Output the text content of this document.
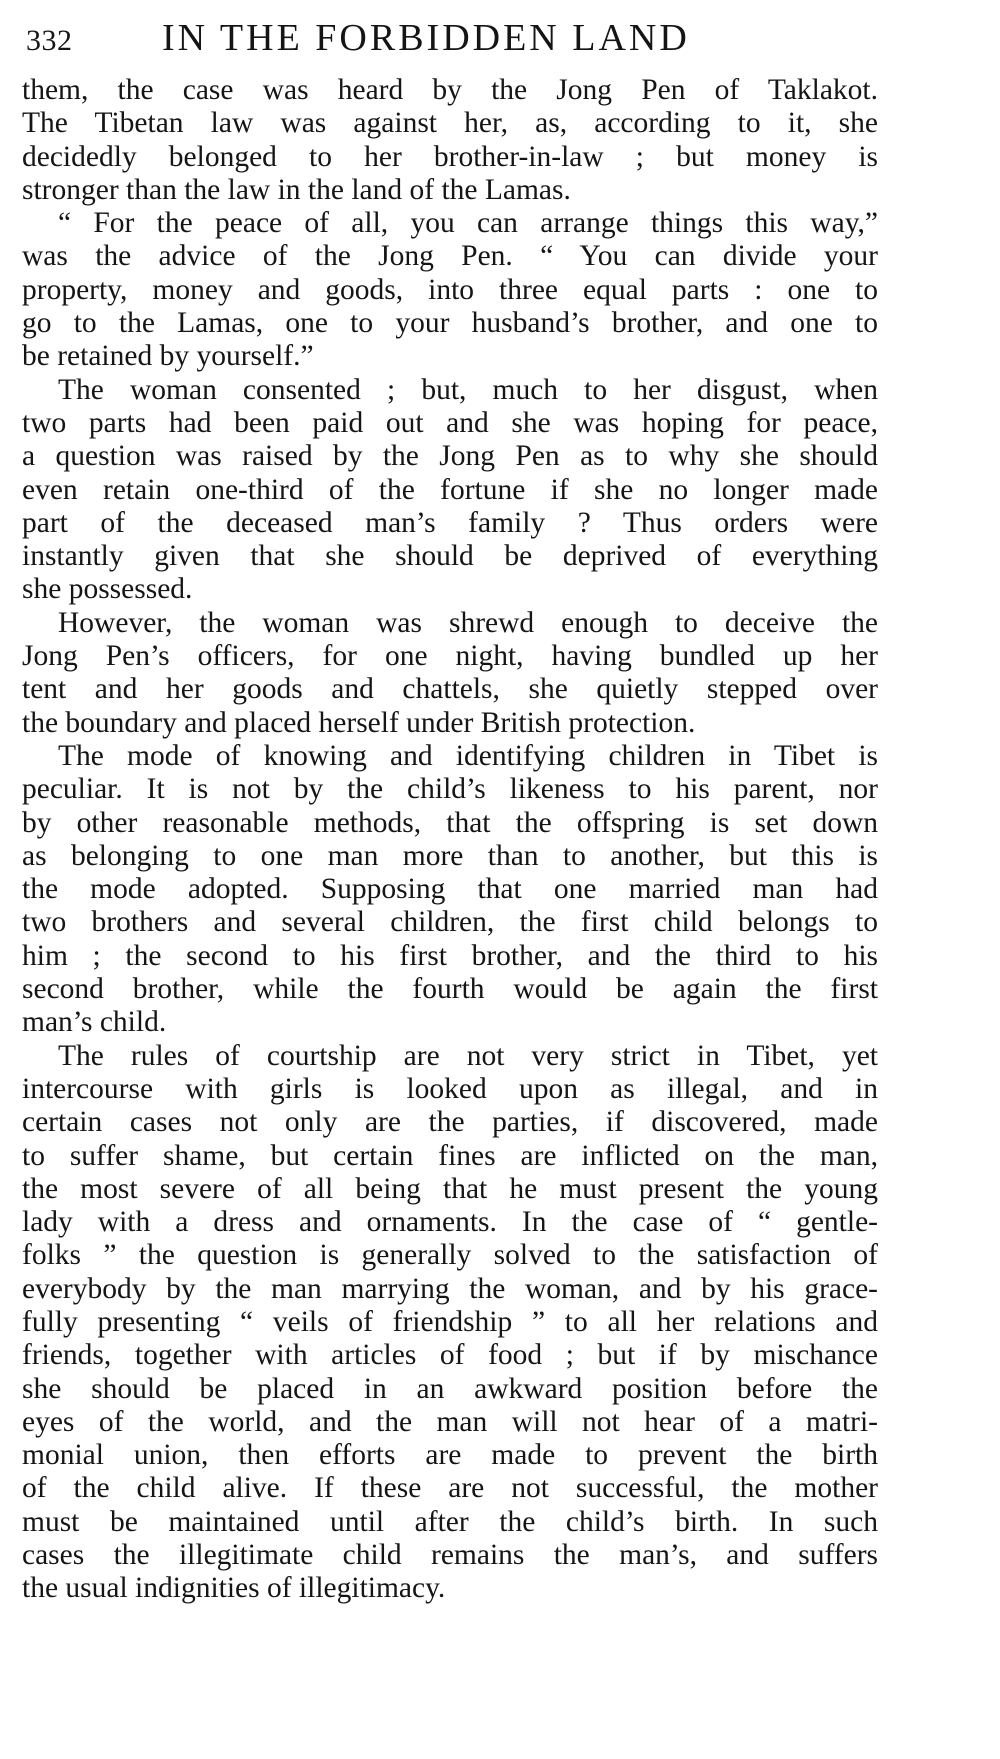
332 IN THE FORBIDDEN LAND
them, the case was heard by the Jong Pen of Taklakot.
The Tibetan law was against her, as, according to it, she
decidedly belonged to her brother-in-law ; but money is
stronger than the law in the land of the Lamas.
“ For the peace of all, you can arrange things this way,”
was the advice of the Jong Pen. “ You can divide your
property, money and goods, into three equal parts : one to
go to the Lamas, one to your husband’s brother, and one to
be retained by yourself.”
The woman consented ; but, much to her disgust, when
two parts had been paid out and she was hoping for peace,
a question was raised by the Jong Pen as to why she should
even retain one-third of the fortune if she no longer made
part of the deceased man’s family ? Thus orders were
instantly given that she should be deprived of everything
she possessed.
However, the woman was shrewd enough to deceive the
Jong Pen’s officers, for one night, having bundled up her
tent and her goods and chattels, she quietly stepped over
the boundary and placed herself under British protection.
The mode of knowing and identifying children in Tibet is
peculiar. It is not by the child’s likeness to his parent, nor
by other reasonable methods, that the offspring is set down
as belonging to one man more than to another, but this is
the mode adopted. Supposing that one married man had
two brothers and several children, the first child belongs to
him ; the second to his first brother, and the third to his
second brother, while the fourth would be again the first
man’s child.
The rules of courtship are not very strict in Tibet, yet
intercourse with girls is looked upon as illegal, and in
certain cases not only are the parties, if discovered, made
to suffer shame, but certain fines are inflicted on the man,
the most severe of all being that he must present the young
lady with a dress and ornaments. In the case of “ gentle-
folks ” the question is generally solved to the satisfaction of
everybody by the man marrying the woman, and by his grace-
fully presenting “ veils of friendship ” to all her relations and
friends, together with articles of food ; but if by mischance
she should be placed in an awkward position before the
eyes of the world, and the man will not hear of a matri-
monial union, then efforts are made to prevent the birth
of the child alive. If these are not successful, the mother
must be maintained until after the child’s birth. In such
cases the illegitimate child remains the man’s, and suffers
the usual indignities of illegitimacy.
